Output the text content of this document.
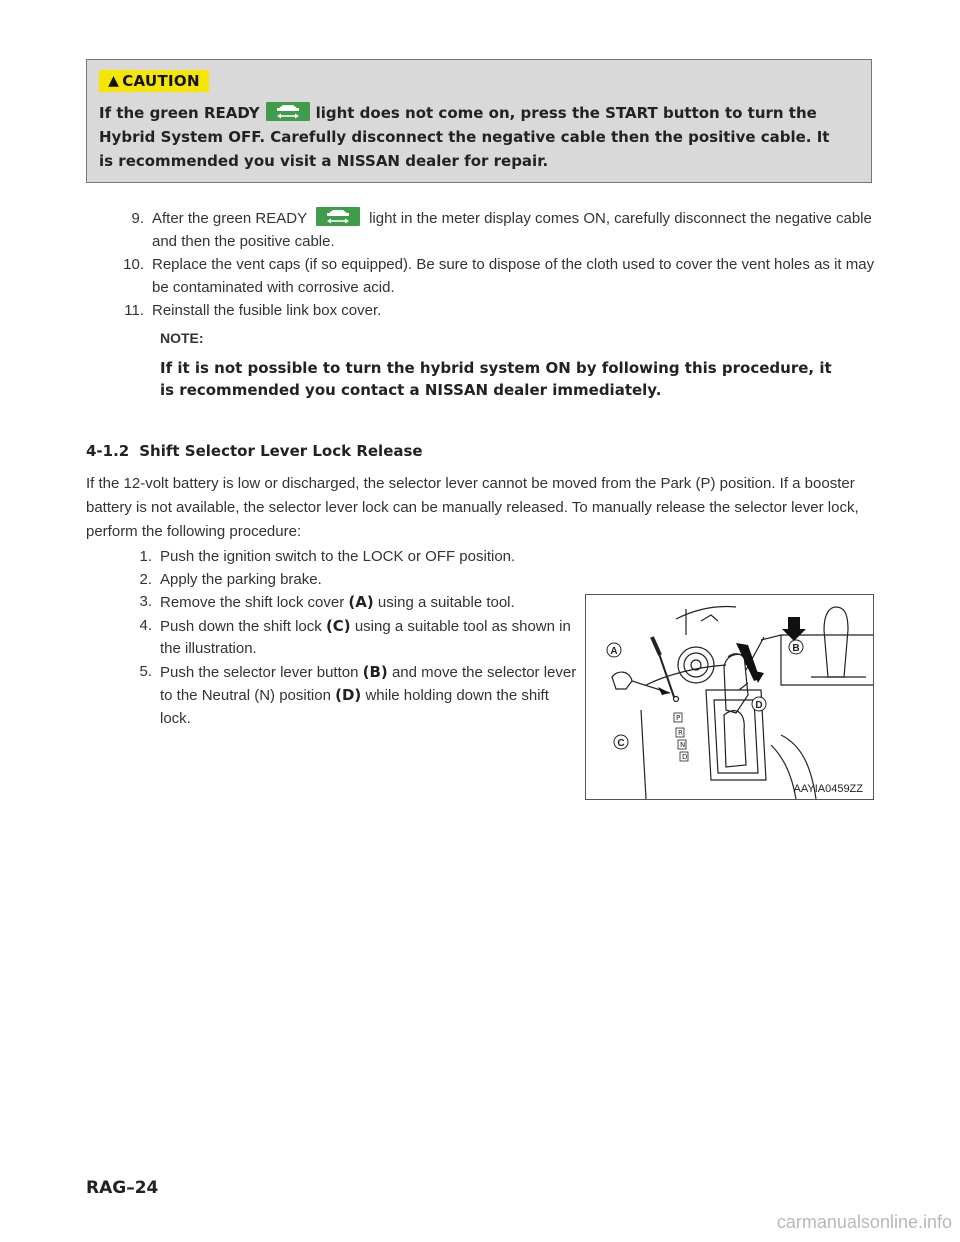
▲ CAUTION
If the green READY	light does not come on, press the START button to turn the Hybrid System OFF. Carefully disconnect the negative cable then the positive cable. It is recommended you visit a NISSAN dealer for repair.
9. After the green READY	light in the meter display comes ON, carefully disconnect the negative cable and then the positive cable.
10. Replace the vent caps (if so equipped). Be sure to dispose of the cloth used to cover the vent holes as it may be contaminated with corrosive acid.
11. Reinstall the fusible link box cover.
NOTE:
If it is not possible to turn the hybrid system ON by following this procedure, it is recommended you contact a NISSAN dealer immediately.
4-1.2 Shift Selector Lever Lock Release
If the 12-volt battery is low or discharged, the selector lever cannot be moved from the Park (P) position. If a booster battery is not available, the selector lever lock can be manually released. To manually release the selector lever lock, perform the following procedure:
1. Push the ignition switch to the LOCK or OFF position.
2. Apply the parking brake.
3. Remove the shift lock cover (A) using a suitable tool.
4. Push down the shift lock (C) using a suitable tool as shown in the illustration.
5. Push the selector lever button (B) and move the selector lever to the Neutral (N) position (D) while holding down the shift lock.	P
R
N
D
A	B
C
D
AAYIA0459ZZ
RAG–24
carmanualsonline.info
